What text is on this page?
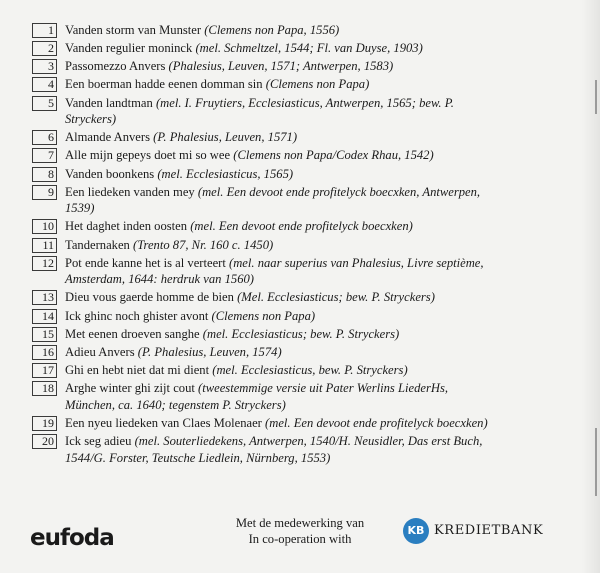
1 Vanden storm van Munster (Clemens non Papa, 1556)
2 Vanden regulier moninck (mel. Schmeltzel, 1544; Fl. van Duyse, 1903)
3 Passomezzo Anvers (Phalesius, Leuven, 1571; Antwerpen, 1583)
4 Een boerman hadde eenen domman sin (Clemens non Papa)
5 Vanden landtman (mel. I. Fruytiers, Ecclesiasticus, Antwerpen, 1565; bew. P. Stryckers)
6 Almande Anvers (P. Phalesius, Leuven, 1571)
7 Alle mijn gepeys doet mi so wee (Clemens non Papa/Codex Rhau, 1542)
8 Vanden boonkens (mel. Ecclesiasticus, 1565)
9 Een liedeken vanden mey (mel. Een devoot ende profitelyck boecxken, Antwerpen, 1539)
10 Het daghet inden oosten (mel. Een devoot ende profitelyck boecxken)
11 Tandernaken (Trento 87, Nr. 160 c. 1450)
12 Pot ende kanne het is al verteert (mel. naar superius van Phalesius, Livre septième, Amsterdam, 1644: herdruk van 1560)
13 Dieu vous gaerde homme de bien (Mel. Ecclesiasticus; bew. P. Stryckers)
14 Ick ghinc noch ghister avont (Clemens non Papa)
15 Met eenen droeven sanghe (mel. Ecclesiasticus; bew. P. Stryckers)
16 Adieu Anvers (P. Phalesius, Leuven, 1574)
17 Ghi en hebt niet dat mi dient (mel. Ecclesiasticus, bew. P. Stryckers)
18 Arghe winter ghi zijt cout (tweestemmige versie uit Pater Werlins LiederHs, München, ca. 1640; tegenstem P. Stryckers)
19 Een nyeu liedeken van Claes Molenaer (mel. Een devoot ende profitelyck boecxken)
20 Ick seg adieu (mel. Souterliedekens, Antwerpen, 1540/H. Neusidler, Das erst Buch, 1544/G. Forster, Teutsche Liedlein, Nürnberg, 1553)
eufoda
Met de medewerking van
In co-operation with
KB KREDIETBANK
